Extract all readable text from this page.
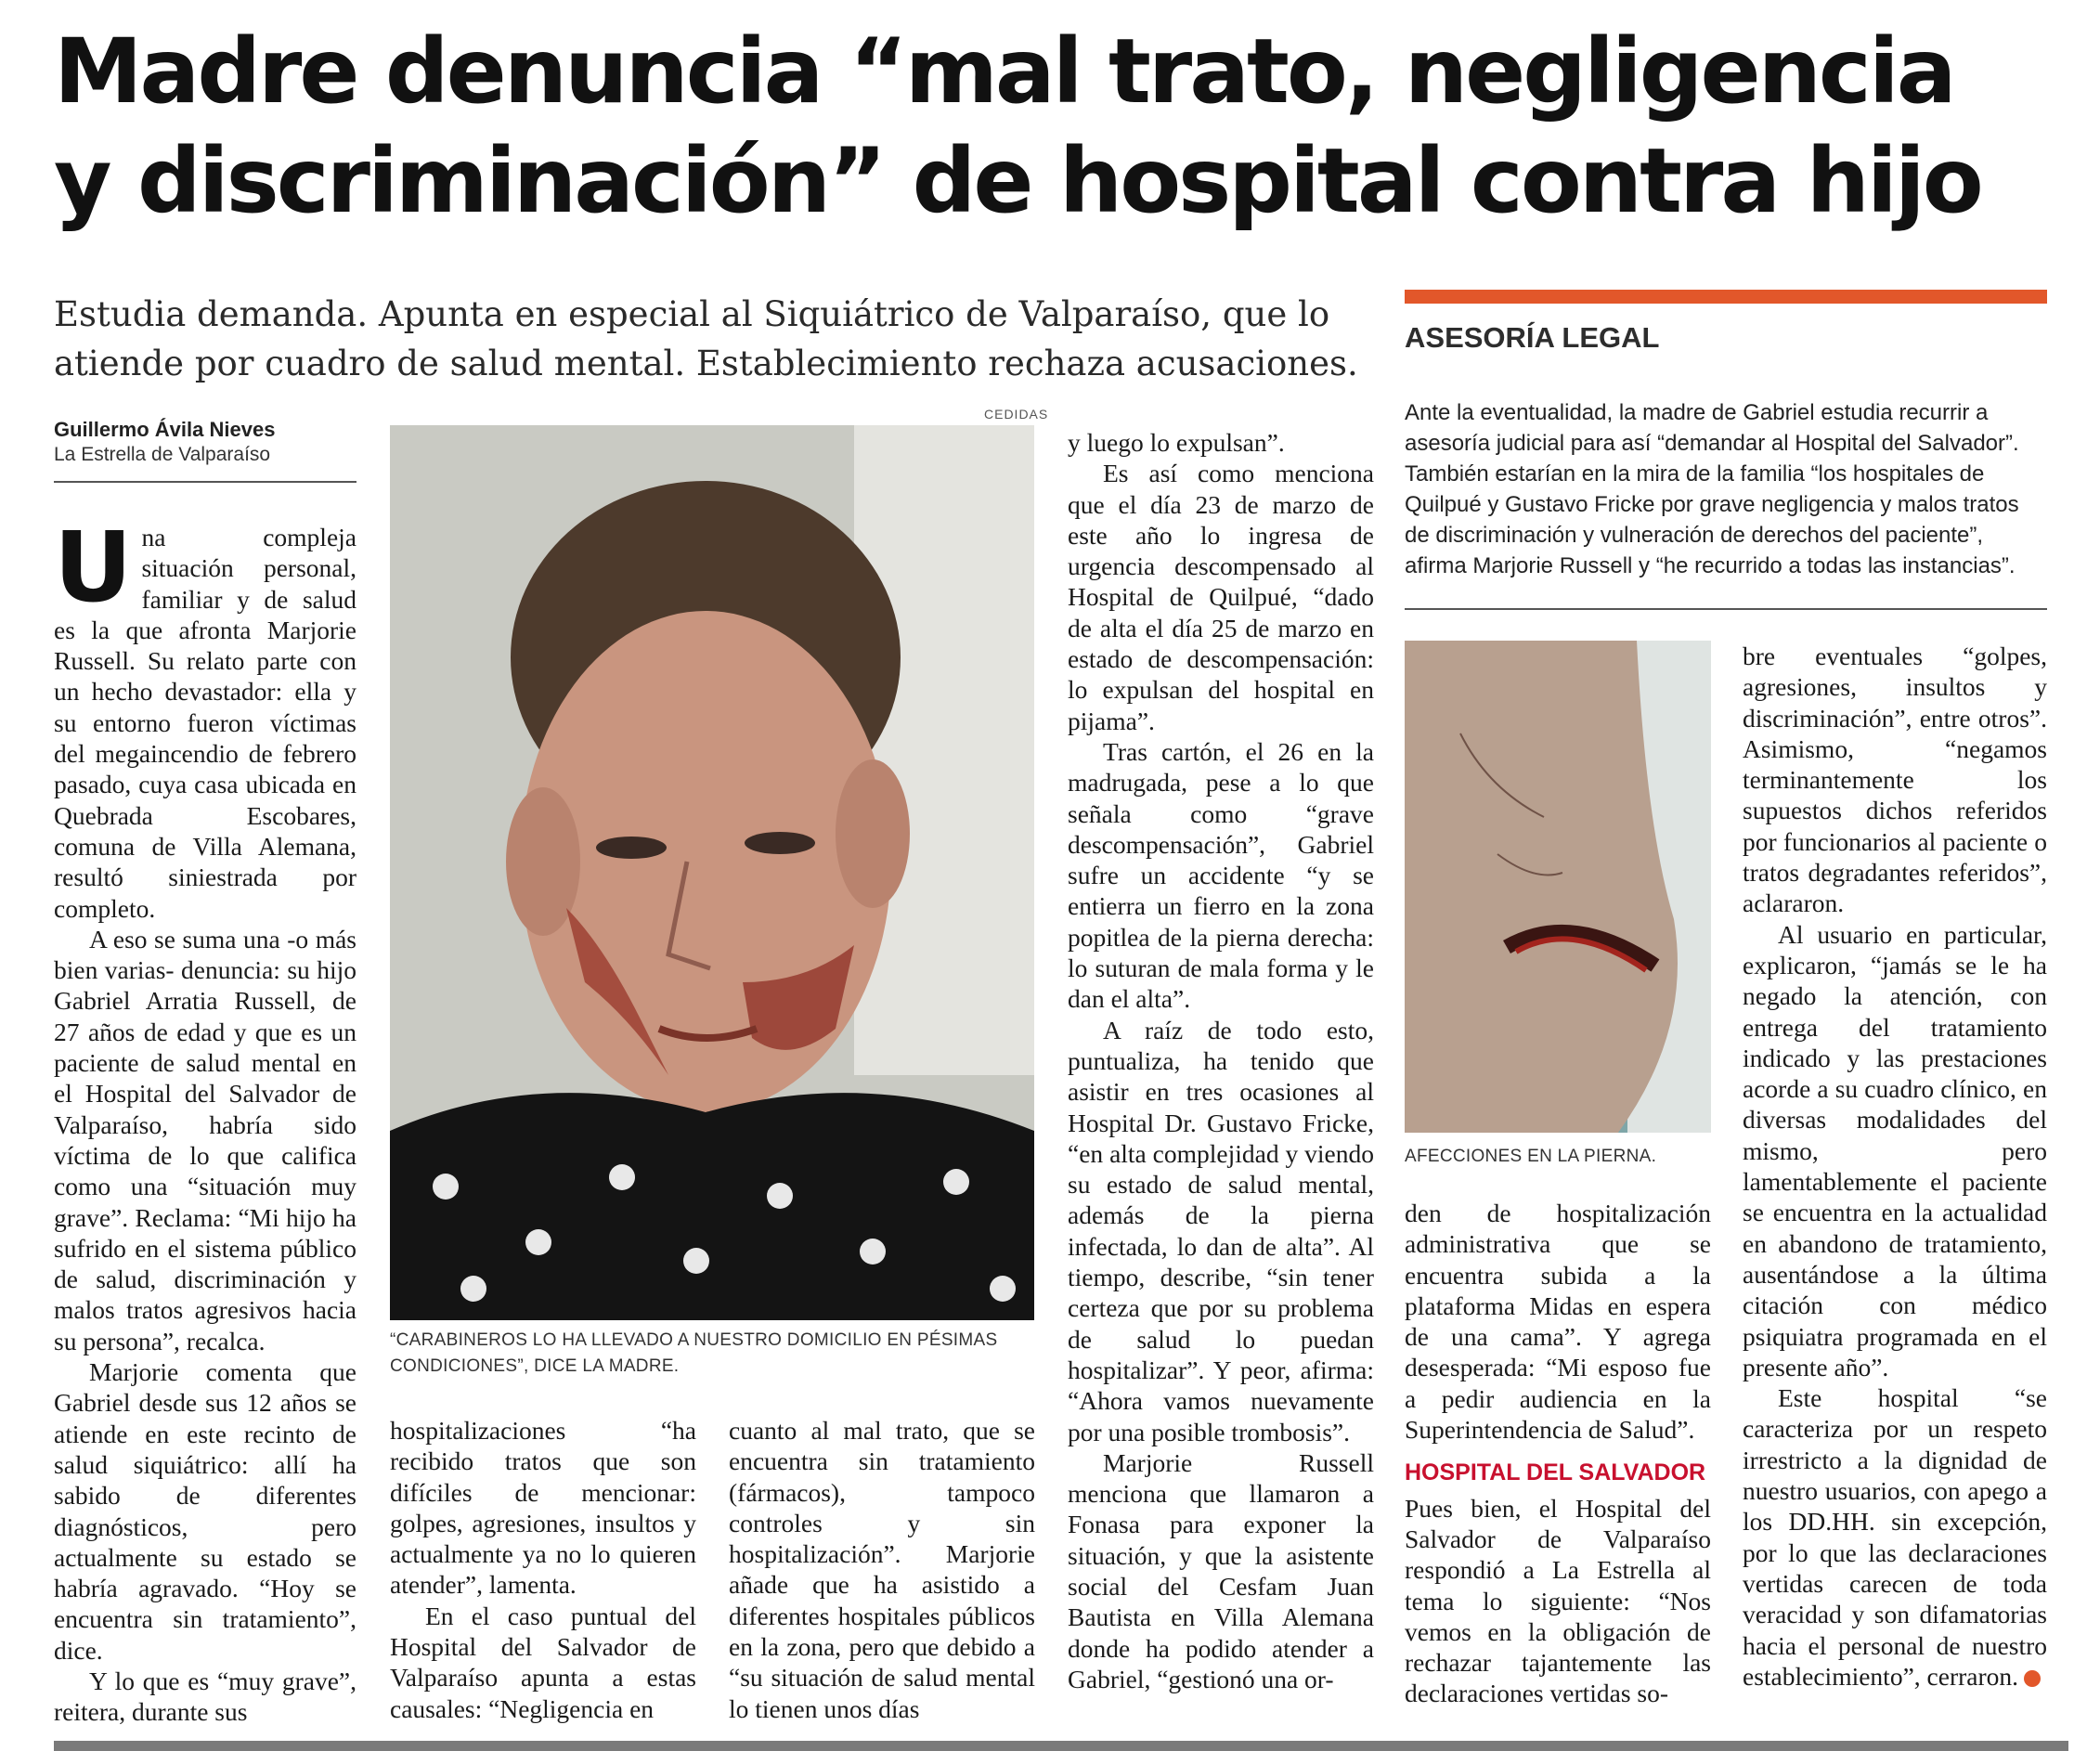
Madre denuncia “mal trato, negligencia
y discriminación” de hospital contra hijo
Estudia demanda. Apunta en especial al Siquiátrico de Valparaíso, que lo
atiende por cuadro de salud mental. Establecimiento rechaza acusaciones.
Guillermo Ávila Nieves
La Estrella de Valparaíso
U na compleja situación personal, familiar y de salud es la que afronta Marjorie Russell. Su relato parte con un hecho devastador: ella y su entorno fueron víctimas del megaincendio de febrero pasado, cuya casa ubicada en Quebrada Escobares, comuna de Villa Alemana, resultó siniestrada por completo.

A eso se suma una -o más bien varias- denuncia: su hijo Gabriel Arratia Russell, de 27 años de edad y que es un paciente de salud mental en el Hospital del Salvador de Valparaíso, habría sido víctima de lo que califica como una “situación muy grave”. Reclama: “Mi hijo ha sufrido en el sistema público de salud, discriminación y malos tratos agresivos hacia su persona”, recalca.

Marjorie comenta que Gabriel desde sus 12 años se atiende en este recinto de salud siquiátrico: allí ha sabido de diferentes diagnósticos, pero actualmente su estado se habría agravado. “Hoy se encuentra sin tratamiento”, dice.

Y lo que es “muy grave”, reitera, durante sus

CEDIDAS
“CARABINEROS LO HA LLEVADO A NUESTRO DOMICILIO EN PÉSIMAS CONDICIONES”, DICE LA MADRE.

hospitalizaciones “ha recibido tratos que son difíciles de mencionar: golpes, agresiones, insultos y actualmente ya no lo quieren atender”, lamenta.

En el caso puntual del Hospital del Salvador de Valparaíso apunta a estas causales: “Negligencia en

cuanto al mal trato, que se encuentra sin tratamiento (fármacos), tampoco controles y sin hospitalización”. Marjorie añade que ha asistido a diferentes hospitales públicos en la zona, pero que debido a “su situación de salud mental lo tienen unos días

y luego lo expulsan”.

Es así como menciona que el día 23 de marzo de este año lo ingresa de urgencia descompensado al Hospital de Quilpué, “dado de alta el día 25 de marzo en estado de descompensación: lo expulsan del hospital en pijama”.

Tras cartón, el 26 en la madrugada, pese a lo que señala como “grave descompensación”, Gabriel sufre un accidente “y se entierra un fierro en la zona popitlea de la pierna derecha: lo suturan de mala forma y le dan el alta”.

A raíz de todo esto, puntualiza, ha tenido que asistir en tres ocasiones al Hospital Dr. Gustavo Fricke, “en alta complejidad y viendo su estado de salud mental, además de la pierna infectada, lo dan de alta”. Al tiempo, describe, “sin tener certeza que por su problema de salud lo puedan hospitalizar”. Y peor, afirma: “Ahora vamos nuevamente por una posible trombosis”.

Marjorie Russell menciona que llamaron a Fonasa para exponer la situación, y que la asistente social del Cesfam Juan Bautista en Villa Alemana donde ha podido atender a Gabriel, “gestionó una or-

ASESORÍA LEGAL
Ante la eventualidad, la madre de Gabriel estudia recurrir a asesoría judicial para así “demandar al Hospital del Salvador”. También estarían en la mira de la familia “los hospitales de Quilpué y Gustavo Fricke por grave negligencia y malos tratos de discriminación y vulneración de derechos del paciente”, afirma Marjorie Russell y “he recurrido a todas las instancias”.
AFECCIONES EN LA PIERNA.

den de hospitalización administrativa que se encuentra subida a la plataforma Midas en espera de una cama”. Y agrega desesperada: “Mi esposo fue a pedir audiencia en la Superintendencia de Salud”.

HOSPITAL DEL SALVADOR

Pues bien, el Hospital del Salvador de Valparaíso respondió a La Estrella al tema lo siguiente: “Nos vemos en la obligación de rechazar tajantemente las declaraciones vertidas so-

bre eventuales “golpes, agresiones, insultos y discriminación”, entre otros”. Asimismo, “negamos terminantemente los supuestos dichos referidos por funcionarios al paciente o tratos degradantes referidos”, aclararon.

Al usuario en particular, explicaron, “jamás se le ha negado la atención, con entrega del tratamiento indicado y las prestaciones acorde a su cuadro clínico, en diversas modalidades del mismo, pero lamentablemente el paciente se encuentra en la actualidad en abandono de tratamiento, ausentándose a la última citación con médico psiquiatra programada en el presente año”.

Este hospital “se caracteriza por un respeto irrestricto a la dignidad de nuestro usuarios, con apego a los DD.HH. sin excepción, por lo que las declaraciones vertidas carecen de toda veracidad y son difamatorias hacia el personal de nuestro establecimiento”, cerraron.
